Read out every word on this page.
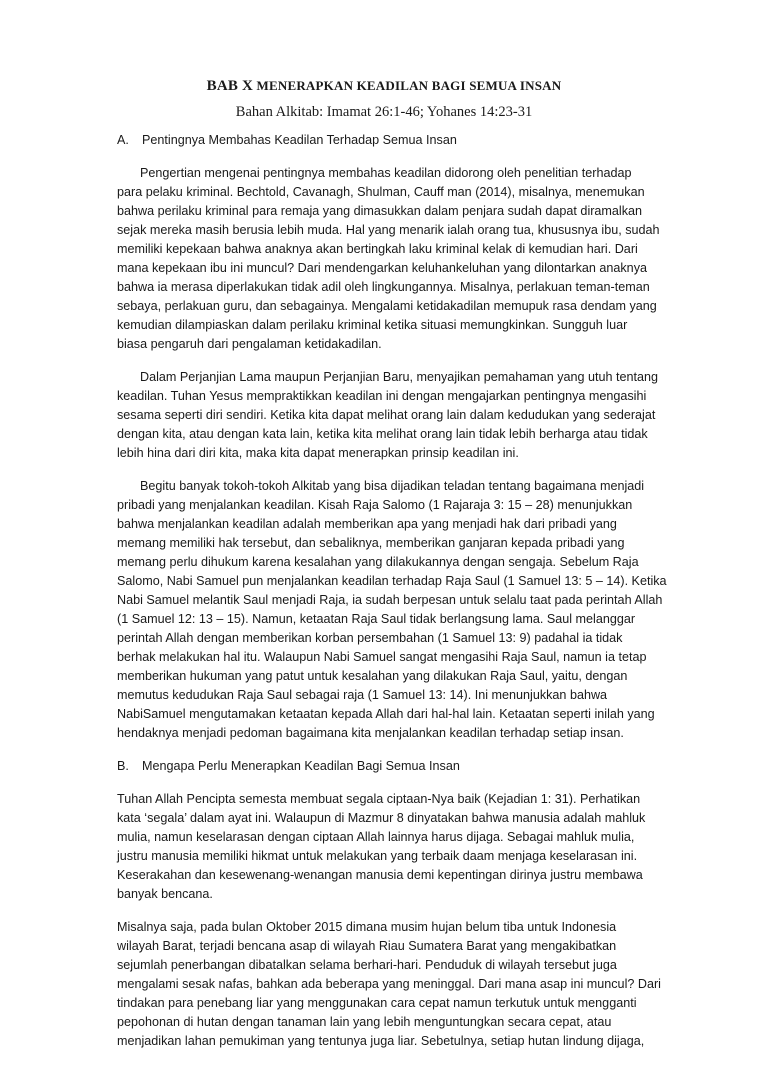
BAB X MENERAPKAN KEADILAN BAGI SEMUA INSAN
Bahan Alkitab: Imamat 26:1-46; Yohanes 14:23-31
A.	Pentingnya Membahas Keadilan Terhadap Semua Insan

Pengertian mengenai pentingnya membahas keadilan didorong oleh penelitian terhadap
para pelaku kriminal. Bechtold, Cavanagh, Shulman, Cauff man (2014), misalnya, menemukan
bahwa perilaku kriminal para remaja yang dimasukkan dalam penjara sudah dapat diramalkan
sejak mereka masih berusia lebih muda. Hal yang menarik ialah orang tua, khususnya ibu, sudah
memiliki kepekaan bahwa anaknya akan bertingkah laku kriminal kelak di kemudian hari. Dari
mana kepekaan ibu ini muncul? Dari mendengarkan keluhankeluhan yang dilontarkan anaknya
bahwa ia merasa diperlakukan tidak adil oleh lingkungannya. Misalnya, perlakuan teman-teman
sebaya, perlakuan guru, dan sebagainya. Mengalami ketidakadilan memupuk rasa dendam yang
kemudian dilampiaskan dalam perilaku kriminal ketika situasi memungkinkan. Sungguh luar
biasa pengaruh dari pengalaman ketidakadilan.

Dalam Perjanjian Lama maupun Perjanjian Baru, menyajikan pemahaman yang utuh tentang
keadilan. Tuhan Yesus mempraktikkan keadilan ini dengan mengajarkan pentingnya mengasihi
sesama seperti diri sendiri. Ketika kita dapat melihat orang lain dalam kedudukan yang sederajat
dengan kita, atau dengan kata lain, ketika kita melihat orang lain tidak lebih berharga atau tidak
lebih hina dari diri kita, maka kita dapat menerapkan prinsip keadilan ini.

Begitu banyak tokoh-tokoh Alkitab yang bisa dijadikan teladan tentang bagaimana menjadi
pribadi yang menjalankan keadilan. Kisah Raja Salomo (1 Rajaraja 3: 15 – 28) menunjukkan
bahwa menjalankan keadilan adalah memberikan apa yang menjadi hak dari pribadi yang
memang memiliki hak tersebut, dan sebaliknya, memberikan ganjaran kepada pribadi yang
memang perlu dihukum karena kesalahan yang dilakukannya dengan sengaja. Sebelum Raja
Salomo, Nabi Samuel pun menjalankan keadilan terhadap Raja Saul (1 Samuel 13: 5 – 14). Ketika
Nabi Samuel melantik Saul menjadi Raja, ia sudah berpesan untuk selalu taat pada perintah Allah
(1 Samuel 12: 13 – 15). Namun, ketaatan Raja Saul tidak berlangsung lama. Saul melanggar
perintah Allah dengan memberikan korban persembahan (1 Samuel 13: 9) padahal ia tidak
berhak melakukan hal itu. Walaupun Nabi Samuel sangat mengasihi Raja Saul, namun ia tetap
memberikan hukuman yang patut untuk kesalahan yang dilakukan Raja Saul, yaitu, dengan
memutus kedudukan Raja Saul sebagai raja (1 Samuel 13: 14). Ini menunjukkan bahwa
NabiSamuel mengutamakan ketaatan kepada Allah dari hal-hal lain. Ketaatan seperti inilah yang
hendaknya menjadi pedoman bagaimana kita menjalankan keadilan terhadap setiap insan.

B.	Mengapa Perlu Menerapkan Keadilan Bagi Semua Insan

Tuhan Allah Pencipta semesta membuat segala ciptaan-Nya baik (Kejadian 1: 31). Perhatikan
kata ‘segala’ dalam ayat ini. Walaupun di Mazmur 8 dinyatakan bahwa manusia adalah mahluk
mulia, namun keselarasan dengan ciptaan Allah lainnya harus dijaga. Sebagai mahluk mulia,
justru manusia memiliki hikmat untuk melakukan yang terbaik daam menjaga keselarasan ini.
Keserakahan dan kesewenang-wenangan manusia demi kepentingan dirinya justru membawa
banyak bencana.

Misalnya saja, pada bulan Oktober 2015 dimana musim hujan belum tiba untuk Indonesia
wilayah Barat, terjadi bencana asap di wilayah Riau Sumatera Barat yang mengakibatkan
sejumlah penerbangan dibatalkan selama berhari-hari. Penduduk di wilayah tersebut juga
mengalami sesak nafas, bahkan ada beberapa yang meninggal. Dari mana asap ini muncul? Dari
tindakan para penebang liar yang menggunakan cara cepat namun terkutuk untuk mengganti
pepohonan di hutan dengan tanaman lain yang lebih menguntungkan secara cepat, atau
menjadikan lahan pemukiman yang tentunya juga liar. Sebetulnya, setiap hutan lindung dijaga,
